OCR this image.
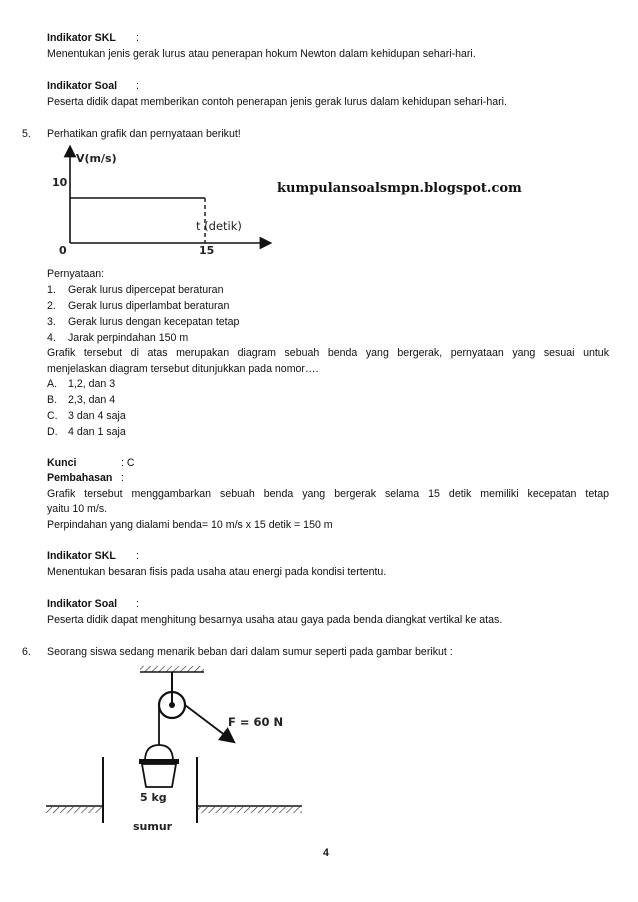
Indikator SKL :
Menentukan jenis gerak lurus atau penerapan hokum Newton dalam kehidupan sehari-hari.
Indikator Soal :
Peserta didik dapat memberikan contoh penerapan jenis gerak lurus dalam kehidupan sehari-hari.
5. Perhatikan grafik dan pernyataan berikut!
V(m/s)
t (detik)
10
15
0
kumpulansoalsmpn.blogspot.com
Pernyataan:
1. Gerak lurus dipercepat beraturan
2. Gerak lurus diperlambat beraturan
3. Gerak lurus dengan kecepatan tetap
4. Jarak perpindahan 150 m
Grafik tersebut di atas merupakan diagram sebuah benda yang bergerak, pernyataan yang sesuai untuk
menjelaskan diagram tersebut ditunjukkan pada nomor….
A. 1,2, dan 3
B. 2,3, dan 4
C. 3 dan 4 saja
D. 4 dan 1 saja
Kunci	: C
Pembahasan :
Grafik tersebut menggambarkan sebuah benda yang bergerak selama 15 detik memiliki kecepatan tetap
yaitu 10 m/s.
Perpindahan yang dialami benda= 10 m/s x 15 detik = 150 m
Indikator SKL :
Menentukan besaran fisis pada usaha atau energi pada kondisi tertentu.
Indikator Soal :
Peserta didik dapat menghitung besarnya usaha atau gaya pada benda diangkat vertikal ke atas.
6. Seorang siswa sedang menarik beban dari dalam sumur seperti pada gambar berikut :
F = 60 N
5 kg
sumur
4
